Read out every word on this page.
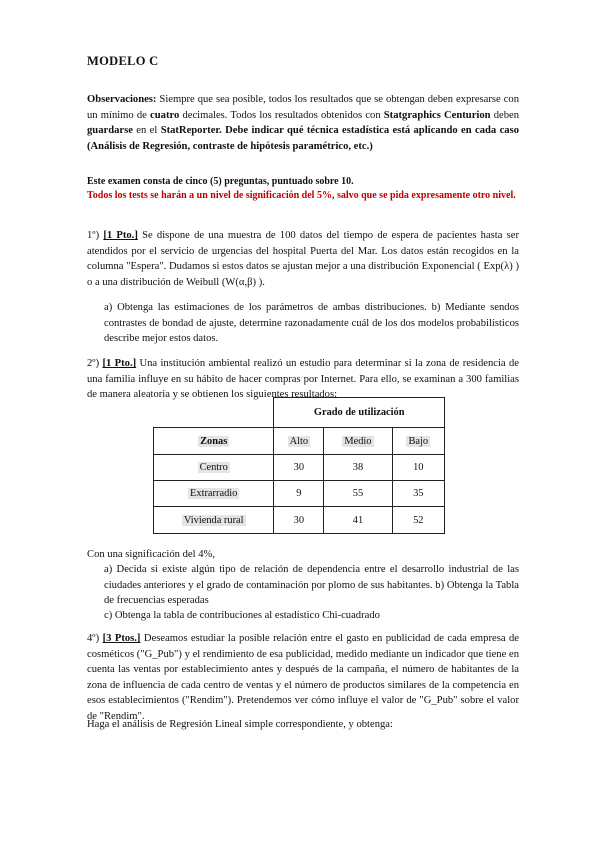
MODELO C
Observaciones: Siempre que sea posible, todos los resultados que se obtengan deben expresarse con un mínimo de cuatro decimales. Todos los resultados obtenidos con Statgraphics Centurion deben guardarse en el StatReporter. Debe indicar qué técnica estadística está aplicando en cada caso (Análisis de Regresión, contraste de hipótesis paramétrico, etc.)
Este examen consta de cinco (5) preguntas, puntuado sobre 10.
Todos los tests se harán a un nivel de significación del 5%, salvo que se pida expresamente otro nivel.
1º) [1 Pto.] Se dispone de una muestra de 100 datos del tiempo de espera de pacientes hasta ser atendidos por el servicio de urgencias del hospital Puerta del Mar. Los datos están recogidos en la columna "Espera". Dudamos si estos datos se ajustan mejor a una distribución Exponencial ( Exp(λ) ) o a una distribución de Weibull (W(α,β) ).
a) Obtenga las estimaciones de los parámetros de ambas distribuciones. b) Mediante sendos contrastes de bondad de ajuste, determine razonadamente cuál de los dos modelos probabilísticos describe mejor estos datos.
2º) [1 Pto.] Una institución ambiental realizó un estudio para determinar si la zona de residencia de una familia influye en su hábito de hacer compras por Internet. Para ello, se examinan a 300 familias de manera aleatoria y se obtienen los siguientes resultados:
	Grado de utilización		
Zonas	Alto	Medio	Bajo
Centro	30	38	10
Extrarradio	9	55	35
Vivienda rural	30	41	52
Con una significación del 4%,
a) Decida si existe algún tipo de relación de dependencia entre el desarrollo industrial de las ciudades anteriores y el grado de contaminación por plomo de sus habitantes. b) Obtenga la Tabla de frecuencias esperadas
c) Obtenga la tabla de contribuciones al estadístico Chi-cuadrado
4º) [3 Ptos.] Deseamos estudiar la posible relación entre el gasto en publicidad de cada empresa de cosméticos ("G_Pub") y el rendimiento de esa publicidad, medido mediante un indicador que tiene en cuenta las ventas por establecimiento antes y después de la campaña, el número de habitantes de la zona de influencia de cada centro de ventas y el número de productos similares de la competencia en esos establecimientos ("Rendim"). Pretendemos ver cómo influye el valor de "G_Pub" sobre el valor de "Rendim".
Haga el análisis de Regresión Lineal simple correspondiente, y obtenga:
